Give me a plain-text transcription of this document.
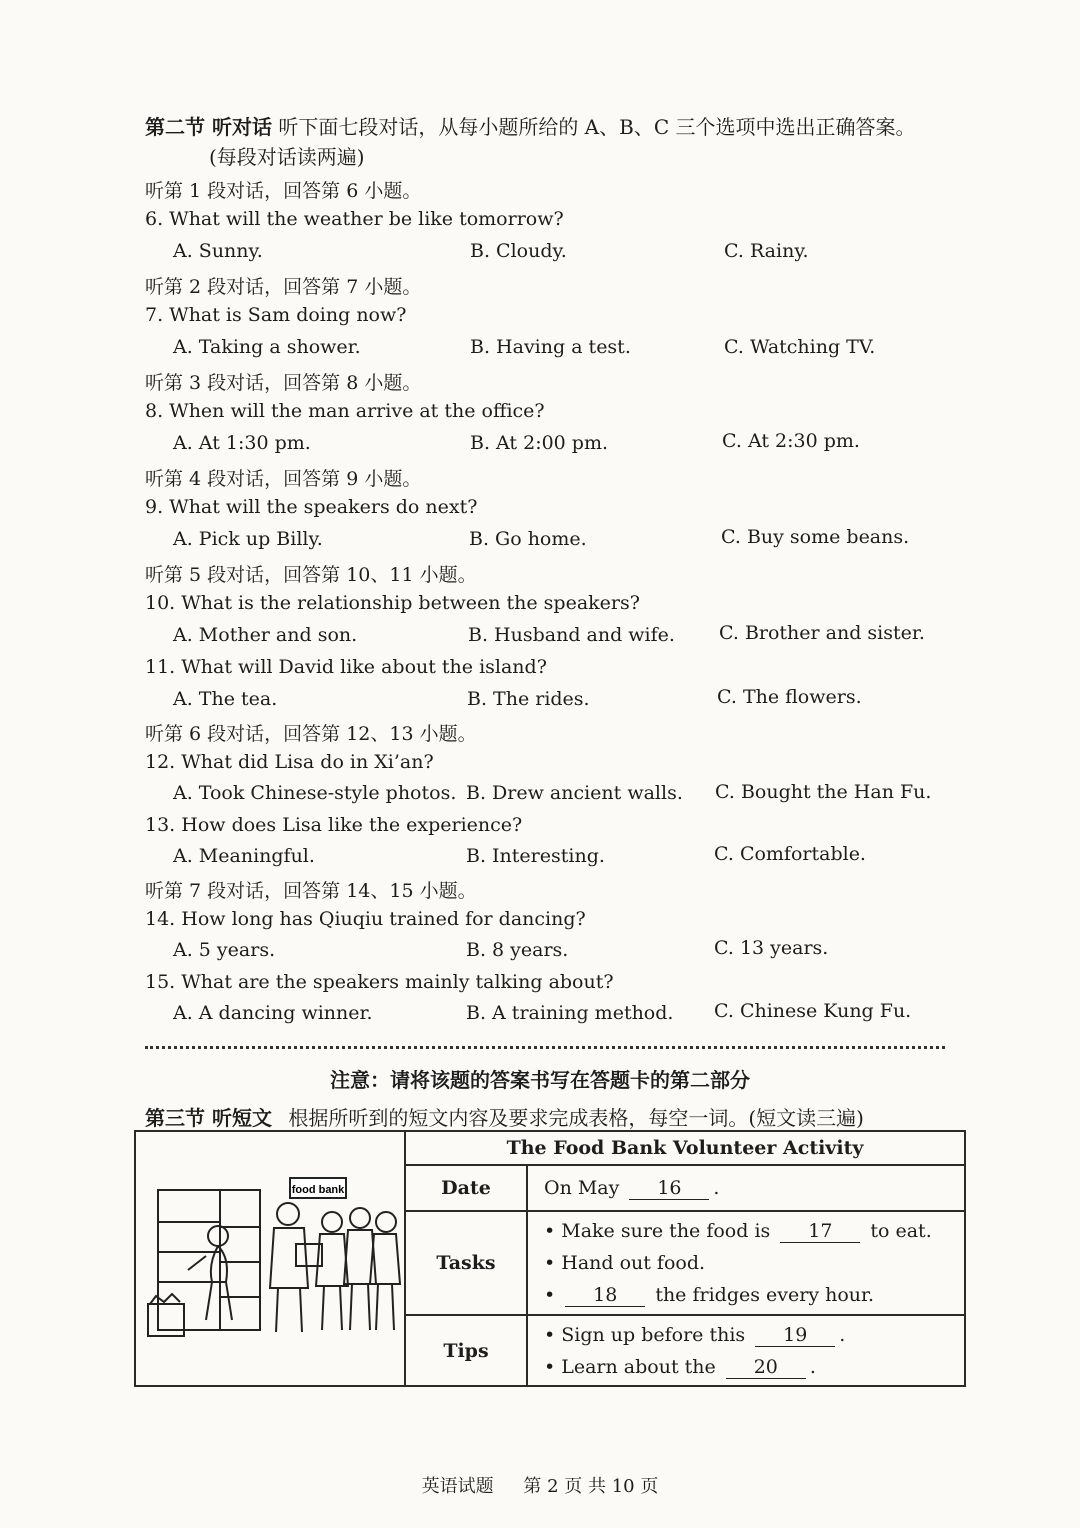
第二节 听对话 听下面七段对话，从每小题所给的 A、B、C 三个选项中选出正确答案。
(每段对话读两遍)
听第 1 段对话，回答第 6 小题。
6. What will the weather be like tomorrow?
A. Sunny.	B. Cloudy.	C. Rainy.
听第 2 段对话，回答第 7 小题。
7. What is Sam doing now?
A. Taking a shower.	B. Having a test.	C. Watching TV.
听第 3 段对话，回答第 8 小题。
8. When will the man arrive at the office?
A. At 1:30 pm.	B. At 2:00 pm.	C. At 2:30 pm.
听第 4 段对话，回答第 9 小题。
9. What will the speakers do next?
A. Pick up Billy.	B. Go home.	C. Buy some beans.
听第 5 段对话，回答第 10、11 小题。
10. What is the relationship between the speakers?
A. Mother and son.	B. Husband and wife. C. Brother and sister.
11. What will David like about the island?
A. The tea.	B. The rides.	C. The flowers.
听第 6 段对话，回答第 12、13 小题。
12. What did Lisa do in Xi’an?
A. Took Chinese-style photos. B. Drew ancient walls. C. Bought the Han Fu.
13. How does Lisa like the experience?
A. Meaningful.	B. Interesting.	C. Comfortable.
听第 7 段对话，回答第 14、15 小题。
14. How long has Qiuqiu trained for dancing?
A. 5 years.	B. 8 years.	C. 13 years.
15. What are the speakers mainly talking about?
A. A dancing winner.	B. A training method. C. Chinese Kung Fu.
注意：请将该题的答案书写在答题卡的第二部分
第三节 听短文 根据所听到的短文内容及要求完成表格，每空一词。(短文读三遍)
food bank	The Food Bank Volunteer Activity	
	Date	On May 16 .
	Tasks	• Make sure the food is 17 to eat.
• Hand out food.
• 18 the fridges every hour.

	Tips	• Sign up before this 19 .
• Learn about the 20 .
英语试题 第 2 页 共 10 页
